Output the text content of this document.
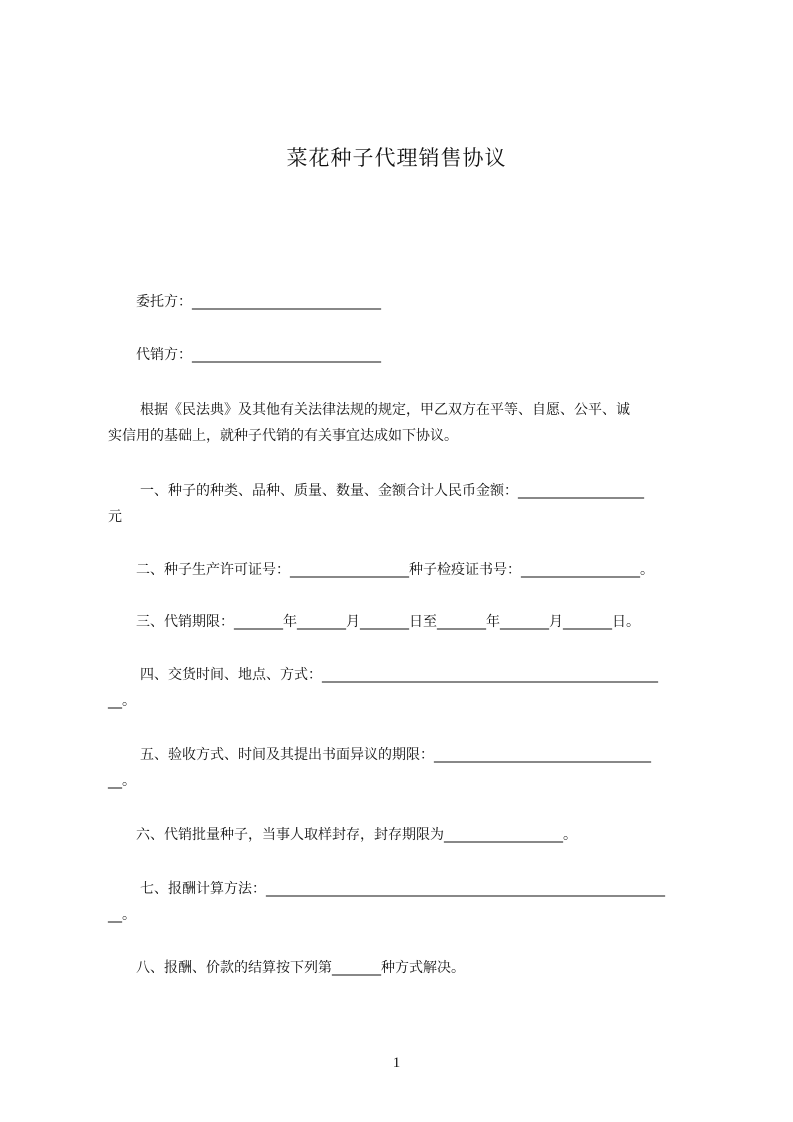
菜花种子代理销售协议
委托方：___________________________
代销方：___________________________
根据《民法典》及其他有关法律法规的规定，甲乙双方在平等、自愿、公平、诚
实信用的基础上，就种子代销的有关事宜达成如下协议。
一、种子的种类、品种、质量、数量、金额合计人民币金额：__________________
元
二、种子生产许可证号：_________________种子检疫证书号：_________________。
三、代销期限：_______年_______月_______日至_______年_______月_______日。
四、交货时间、地点、方式：________________________________________________
__。
五、验收方式、时间及其提出书面异议的期限：_______________________________
__。
六、代销批量种子，当事人取样封存，封存期限为_________________。
七、报酬计算方法：_________________________________________________________
__。
八、报酬、价款的结算按下列第_______种方式解决。
1
